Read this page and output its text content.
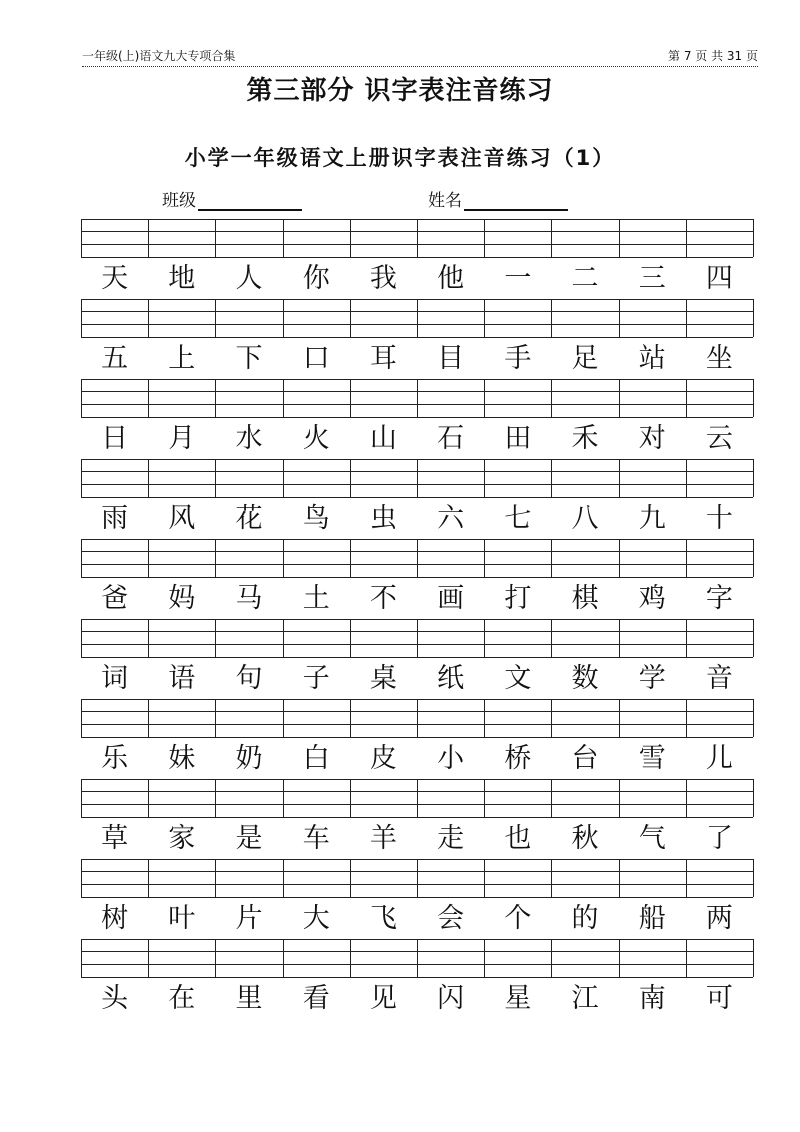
一年级(上)语文九大专项合集	第 7 页 共 31 页
第三部分 识字表注音练习
小学一年级语文上册识字表注音练习（1）
班级	姓名
天	地	人	你	我	他	一	二	三	四
五	上	下	口	耳	目	手	足	站	坐
日	月	水	火	山	石	田	禾	对	云
雨	风	花	鸟	虫	六	七	八	九	十
爸	妈	马	土	不	画	打	棋	鸡	字
词	语	句	子	桌	纸	文	数	学	音
乐	妹	奶	白	皮	小	桥	台	雪	儿
草	家	是	车	羊	走	也	秋	气	了
树	叶	片	大	飞	会	个	的	船	两
头	在	里	看	见	闪	星	江	南	可
